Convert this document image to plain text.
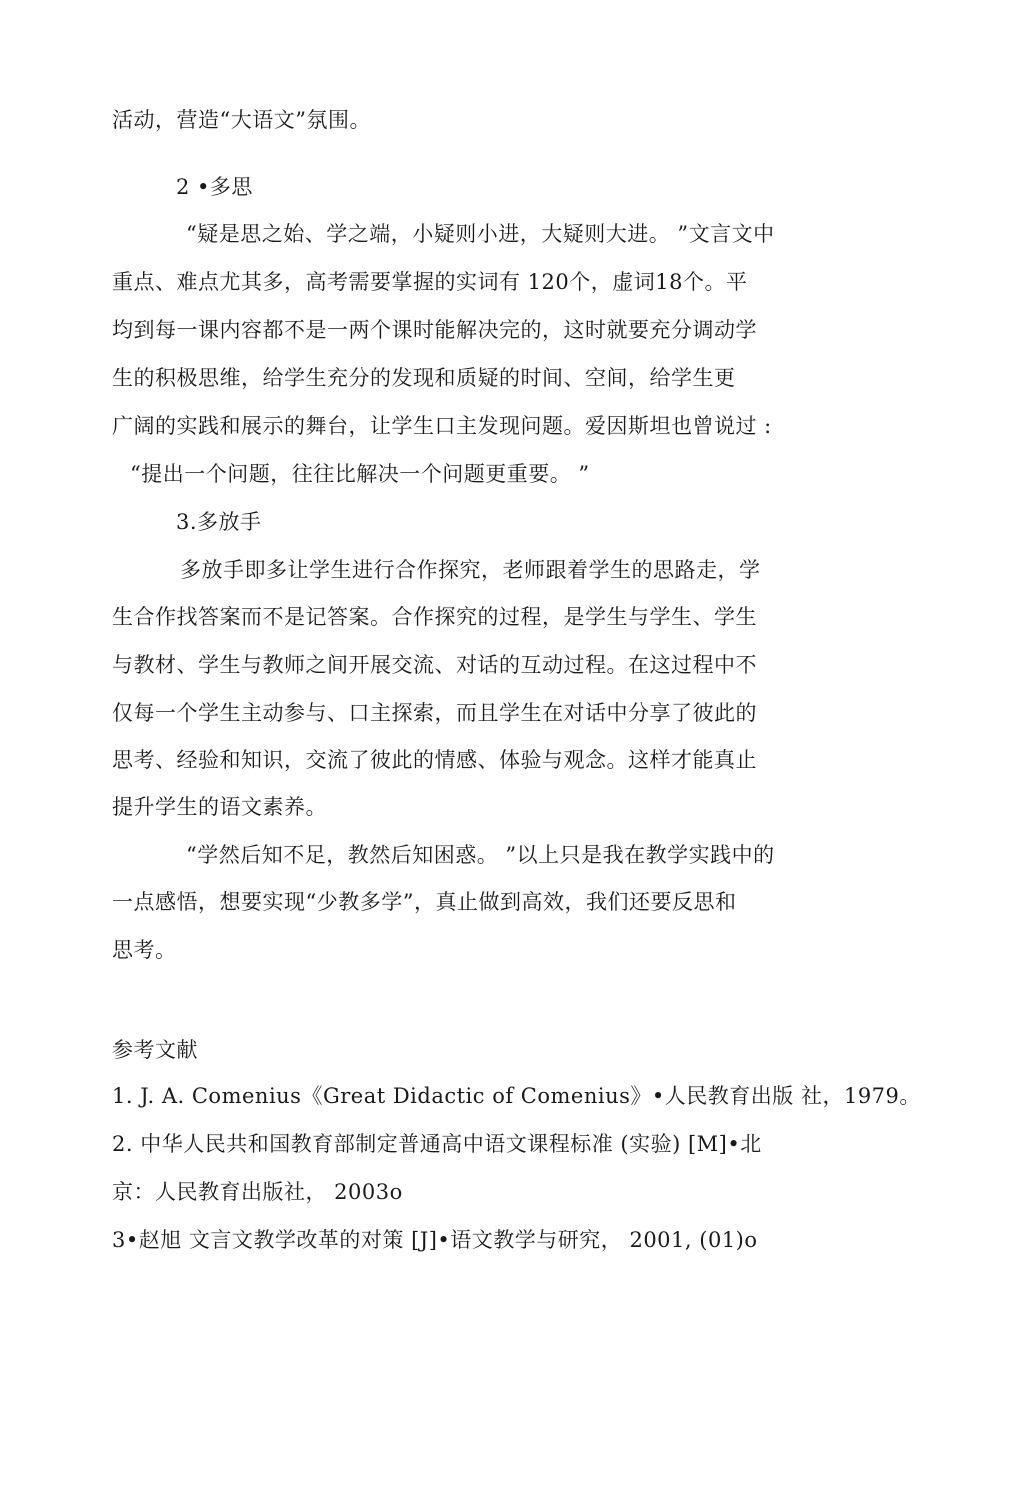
活动，营造“大语文”氛围。
2 •多思
“疑是思之始、学之端，小疑则小进，大疑则大进。 ”文言文中
重点、难点尤其多，高考需要掌握的实词有 120个，虚词18个。平
均到每一课内容都不是一两个课时能解决完的，这时就要充分调动学
生的积极思维，给学生充分的发现和质疑的时间、空间，给学生更
广阔的实践和展示的舞台，让学生口主发现问题。爱因斯坦也曾说过 :
“提出一个问题，往往比解决一个问题更重要。 ”
3.多放手
多放手即多让学生进行合作探究，老师跟着学生的思路走，学
生合作找答案而不是记答案。合作探究的过程，是学生与学生、学生
与教材、学生与教师之间开展交流、对话的互动过程。在这过程中不
仅每一个学生主动参与、口主探索，而且学生在对话中分享了彼此的
思考、经验和知识，交流了彼此的情感、体验与观念。这样才能真止
提升学生的语文素养。
“学然后知不足，教然后知困惑。 ”以上只是我在教学实践中的
一点感悟，想要实现“少教多学”，真止做到高效，我们还要反思和
思考。
参考文献
1. J. A. Comenius《Great Didactic of Comenius》•人民教育出版 社，1979。
2. 中华人民共和国教育部制定普通高中语文课程标准 (实验) [M]•北
京：人民教育出版社， 2003o
3•赵旭 文言文教学改革的对策 [J]•语文教学与研究， 2001, (01)o
